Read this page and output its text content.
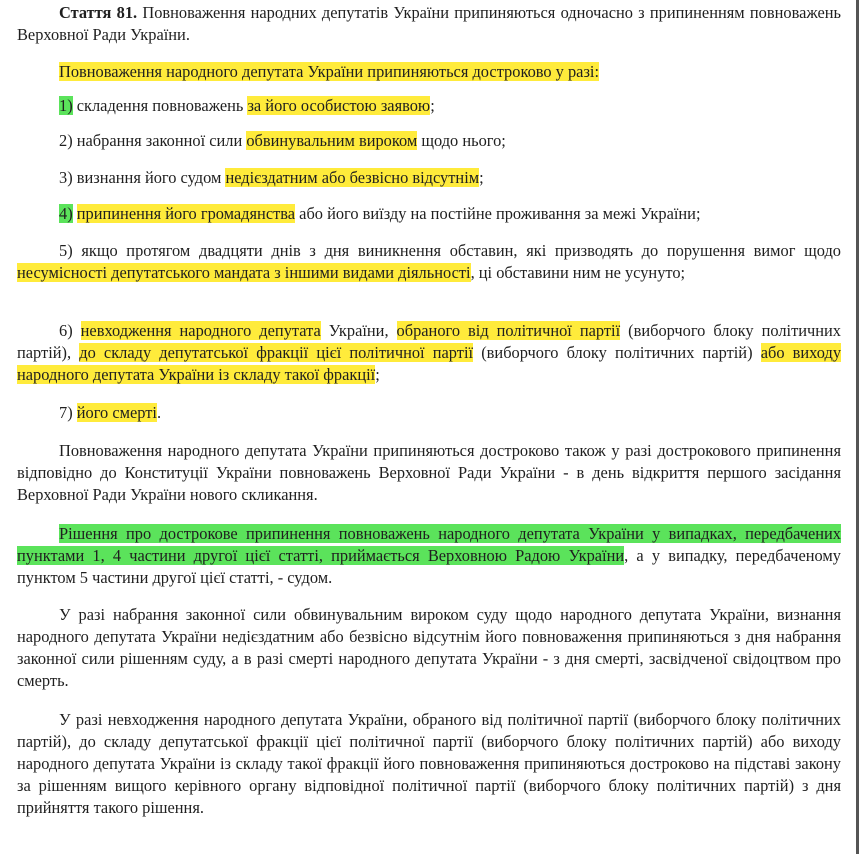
Стаття 81. Повноваження народних депутатів України припиняються одночасно з припиненням повноважень Верховної Ради України.

Повноваження народного депутата України припиняються достроково у разі:

1) складення повноважень за його особистою заявою;

2) набрання законної сили обвинувальним вироком щодо нього;

3) визнання його судом недієздатним або безвісно відсутнім;

4) припинення його громадянства або його виїзду на постійне проживання за межі України;

5) якщо протягом двадцяти днів з дня виникнення обставин, які призводять до порушення вимог щодо несумісності депутатського мандата з іншими видами діяльності, ці обставини ним не усунуто;

6) невходження народного депутата України, обраного від політичної партії (виборчого блоку політичних партій), до складу депутатської фракції цієї політичної партії (виборчого блоку політичних партій) або виходу народного депутата України із складу такої фракції;

7) його смерті.

Повноваження народного депутата України припиняються достроково також у разі дострокового припинення відповідно до Конституції України повноважень Верховної Ради України - в день відкриття першого засідання Верховної Ради України нового скликання.

Рішення про дострокове припинення повноважень народного депутата України у випадках, передбачених пунктами 1, 4 частини другої цієї статті, приймається Верховною Радою України, а у випадку, передбаченому пунктом 5 частини другої цієї статті, - судом.

У разі набрання законної сили обвинувальним вироком суду щодо народного депутата України, визнання народного депутата України недієздатним або безвісно відсутнім його повноваження припиняються з дня набрання законної сили рішенням суду, а в разі смерті народного депутата України - з дня смерті, засвідченої свідоцтвом про смерть.

У разі невходження народного депутата України, обраного від політичної партії (виборчого блоку політичних партій), до складу депутатської фракції цієї політичної партії (виборчого блоку політичних партій) або виходу народного депутата України із складу такої фракції його повноваження припиняються достроково на підставі закону за рішенням вищого керівного органу відповідної політичної партії (виборчого блоку політичних партій) з дня прийняття такого рішення.
